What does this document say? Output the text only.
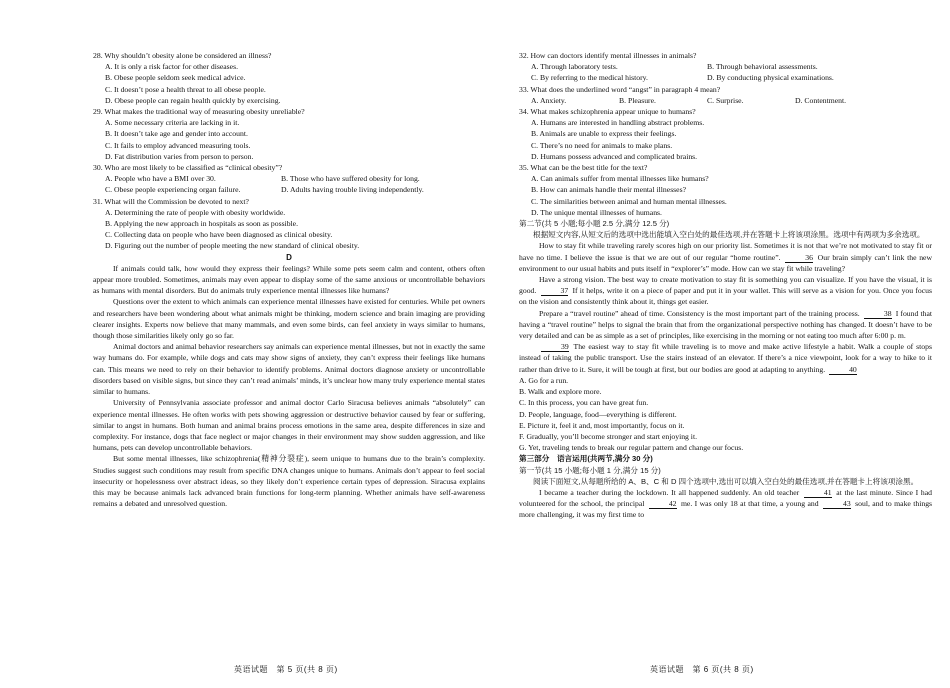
28. Why shouldn’t obesity alone be considered an illness?

A. It is only a risk factor for other diseases.

B. Obese people seldom seek medical advice.

C. It doesn’t pose a health threat to all obese people.

D. Obese people can regain health quickly by exercising.

29. What makes the traditional way of measuring obesity unreliable?

A. Some necessary criteria are lacking in it.

B. It doesn’t take age and gender into account.

C. It fails to employ advanced measuring tools.

D. Fat distribution varies from person to person.

30. Who are most likely to be classified as “clinical obesity”?

A. People who have a BMI over 30.	B. Those who have suffered obesity for long.
C. Obese people experiencing organ failure.	D. Adults having trouble living independently.

31. What will the Commission be devoted to next?

A. Determining the rate of people with obesity worldwide.

B. Applying the new approach in hospitals as soon as possible.

C. Collecting data on people who have been diagnosed as clinical obesity.

D. Figuring out the number of people meeting the new standard of clinical obesity.

D

If animals could talk, how would they express their feelings? While some pets seem calm and content, others often appear more troubled. Sometimes, animals may even appear to display some of the same anxious or uncontrollable behaviors as humans with mental disorders. But do animals truly experience mental illnesses like humans?

Questions over the extent to which animals can experience mental illnesses have existed for centuries. While pet owners and researchers have been wondering about what animals might be thinking, modern science and brain imaging are providing clearer insights. Experts now believe that many mammals, and even some birds, can feel anxiety in ways similar to humans, though those similarities likely only go so far.

Animal doctors and animal behavior researchers say animals can experience mental illnesses, but not in exactly the same way humans do. For example, while dogs and cats may show signs of anxiety, they can’t express their feelings like humans can. This means we need to rely on their behavior to identify problems. Animal doctors diagnose anxiety or uncontrollable disorders based on visible signs, but since they can’t read animals’ minds, it’s unclear how many truly experience mental states similar to humans.

University of Pennsylvania associate professor and animal doctor Carlo Siracusa believes animals “absolutely” can experience mental illnesses. He often works with pets showing aggression or destructive behavior caused by fear or suffering, similar to angst in humans. Both human and animal brains process emotions in the same area, despite differences in size and complexity. For instance, dogs that face neglect or major changes in their environment may show sudden aggression, and like humans, pets can develop uncontrollable behaviors.

But some mental illnesses, like schizophrenia(精神分裂症), seem unique to humans due to the brain’s complexity. Studies suggest such conditions may result from specific DNA changes unique to humans. Animals don’t appear to feel social insecurity or hopelessness over abstract ideas, so they likely don’t experience certain types of depression. Siracusa explains this may be because animals lack advanced brain functions for long-term planning. Whether animals have self-awareness remains a debated and unresolved question.

32. How can doctors identify mental illnesses in animals?

A. Through laboratory tests.	B. Through behavioral assessments.
C. By referring to the medical history.	D. By conducting physical examinations.

33. What does the underlined word “angst” in paragraph 4 mean?

A. Anxiety.	B. Pleasure.	C. Surprise.	D. Contentment.

34. What makes schizophrenia appear unique to humans?

A. Humans are interested in handling abstract problems.

B. Animals are unable to express their feelings.

C. There’s no need for animals to make plans.

D. Humans possess advanced and complicated brains.

35. What can be the best title for the text?

A. Can animals suffer from mental illnesses like humans?

B. How can animals handle their mental illnesses?

C. The similarities between animal and human mental illnesses.

D. The unique mental illnesses of humans.

第二节(共 5 小题;每小题 2.5 分,满分 12.5 分)

根据短文内容,从短文后的选项中选出能填入空白处的最佳选项,并在答题卡上将该项涂黑。选项中有两项为多余选项。

How to stay fit while traveling rarely scores high on our priority list. Sometimes it is not that we’re not motivated to stay fit or have no time. I believe the issue is that we are out of our regular “home routine”.	36 Our brain simply can’t link the new environment to our usual habits and puts itself in “explorer’s” mode. How can we stay fit while traveling?

Have a strong vision. The best way to create motivation to stay fit is something you can visualize. If you have the visual, it is good.	37 If it helps, write it on a piece of paper and put it in your wallet. This will serve as a vision for you. Once you focus on the vision and consistently think about it, things get easier.

Prepare a “travel routine” ahead of time. Consistency is the most important part of the training process.	38 I found that having a “travel routine” helps to signal the brain that from the organizational perspective nothing has changed. It doesn’t have to be very detailed and can be as simple as a set of principles, like exercising in the morning or not eating too much after 6:00 p. m.

39 The easiest way to stay fit while traveling is to move and make active lifestyle a habit. Walk a couple of stops instead of taking the public transport. Use the stairs instead of an elevator. If there’s a nice viewpoint, look for a way to hike to it rather than drive to it. Sure, it will be tough at first, but our bodies are good at adapting to anything.	40

A. Go for a run.

B. Walk and explore more.

C. In this process, you can have great fun.

D. People, language, food—everything is different.

E. Picture it, feel it and, most importantly, focus on it.

F. Gradually, you’ll become stronger and start enjoying it.

G. Yet, traveling tends to break our regular pattern and change our focus.

第三部分　语言运用(共两节,满分 30 分)

第一节(共 15 小题;每小题 1 分,满分 15 分)

阅读下面短文,从每题所给的 A、B、C 和 D 四个选项中,选出可以填入空白处的最佳选项,并在答题卡上将该项涂黑。

I became a teacher during the lockdown. It all happened suddenly. An old teacher	41 at the last minute. Since I had volunteered for the school, the principal	42 me. I was only 18 at that time, a young and	43 soul, and to make things more challenging, it was my first time to

英语试题　第 5 页(共 8 页)	英语试题　第 6 页(共 8 页)
